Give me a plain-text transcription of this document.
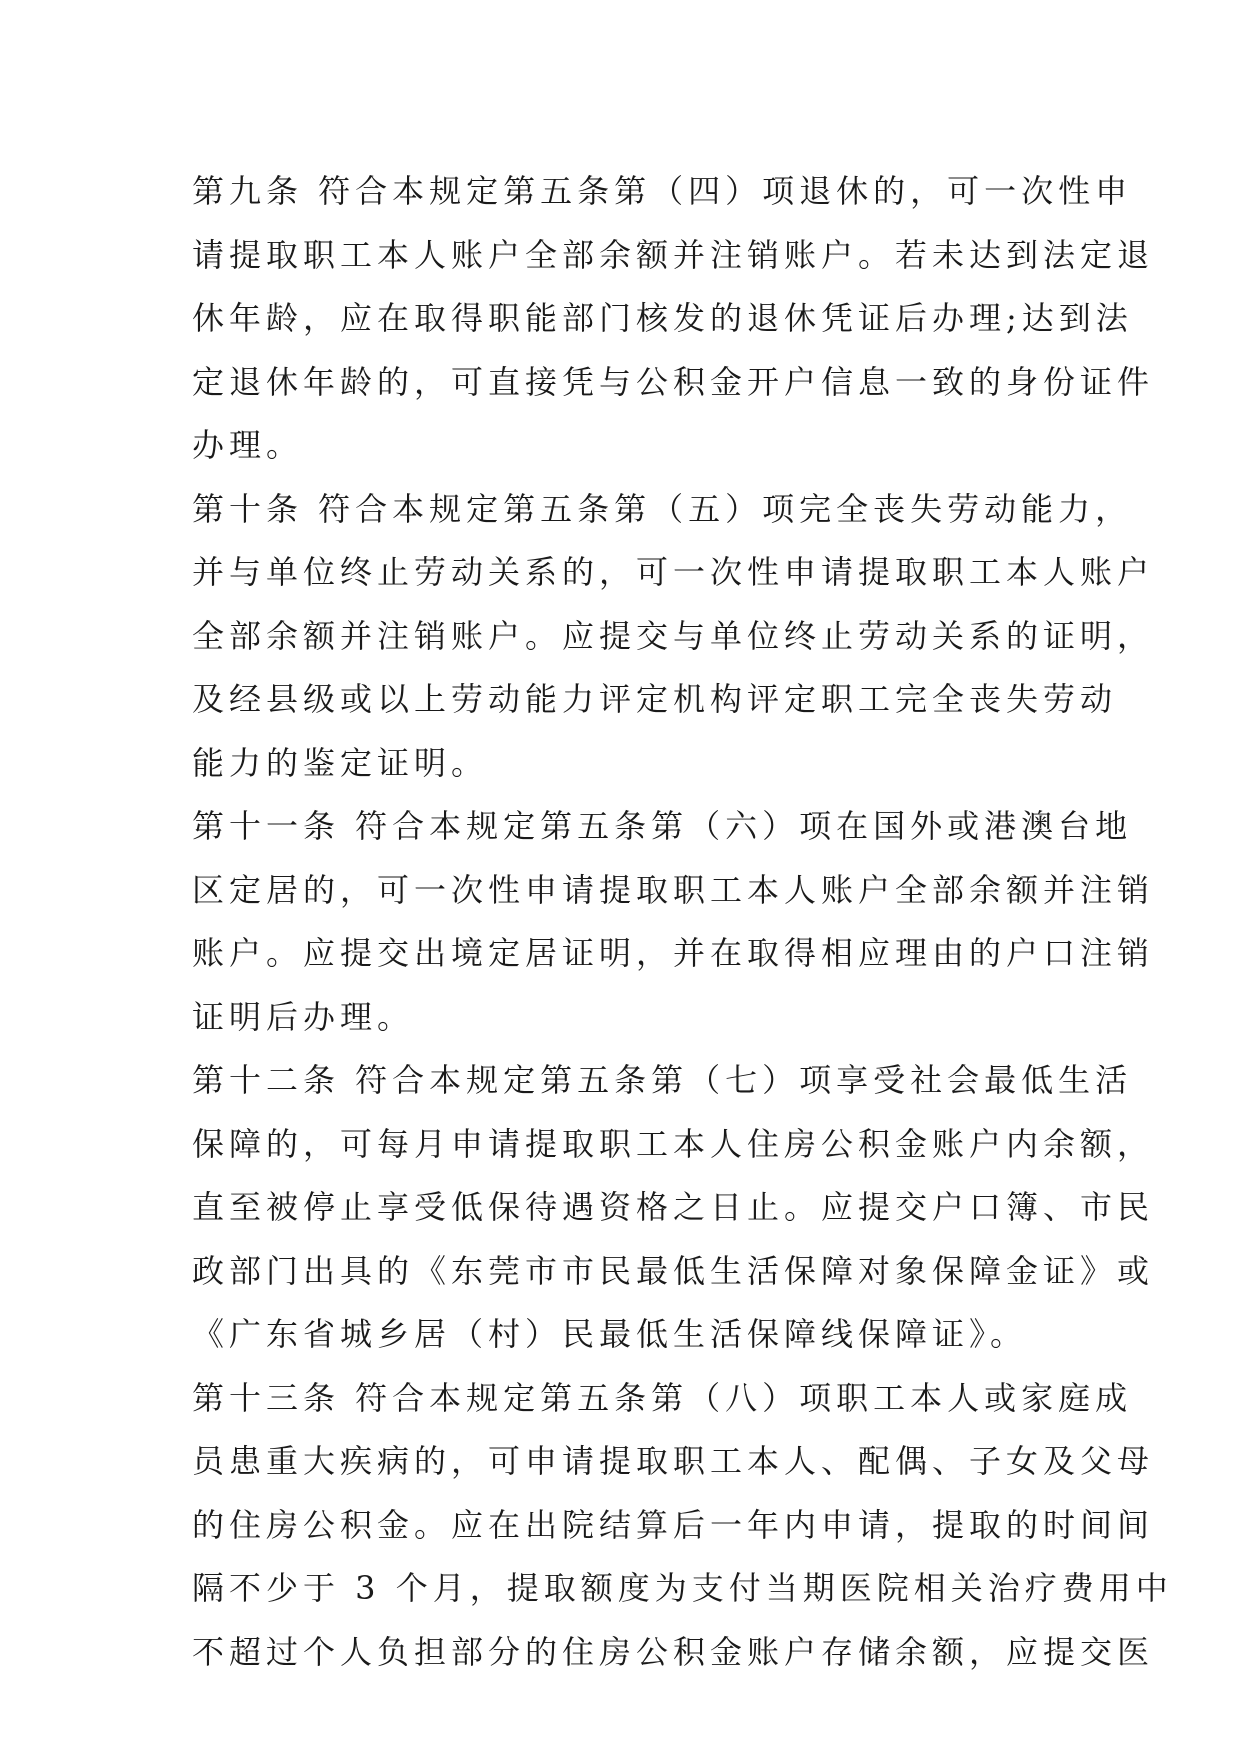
第九条 符合本规定第五条第（四）项退休的，可一次性申
请提取职工本人账户全部余额并注销账户。若未达到法定退
休年龄，应在取得职能部门核发的退休凭证后办理;达到法
定退休年龄的，可直接凭与公积金开户信息一致的身份证件
办理。
第十条 符合本规定第五条第（五）项完全丧失劳动能力，
并与单位终止劳动关系的，可一次性申请提取职工本人账户
全部余额并注销账户。应提交与单位终止劳动关系的证明，
及经县级或以上劳动能力评定机构评定职工完全丧失劳动
能力的鉴定证明。
第十一条 符合本规定第五条第（六）项在国外或港澳台地
区定居的，可一次性申请提取职工本人账户全部余额并注销
账户。应提交出境定居证明，并在取得相应理由的户口注销
证明后办理。
第十二条 符合本规定第五条第（七）项享受社会最低生活
保障的，可每月申请提取职工本人住房公积金账户内余额，
直至被停止享受低保待遇资格之日止。应提交户口簿、市民
政部门出具的《东莞市市民最低生活保障对象保障金证》或
《广东省城乡居（村）民最低生活保障线保障证》。
第十三条 符合本规定第五条第（八）项职工本人或家庭成
员患重大疾病的，可申请提取职工本人、配偶、子女及父母
的住房公积金。应在出院结算后一年内申请，提取的时间间
隔不少于 3 个月，提取额度为支付当期医院相关治疗费用中
不超过个人负担部分的住房公积金账户存储余额，应提交医
